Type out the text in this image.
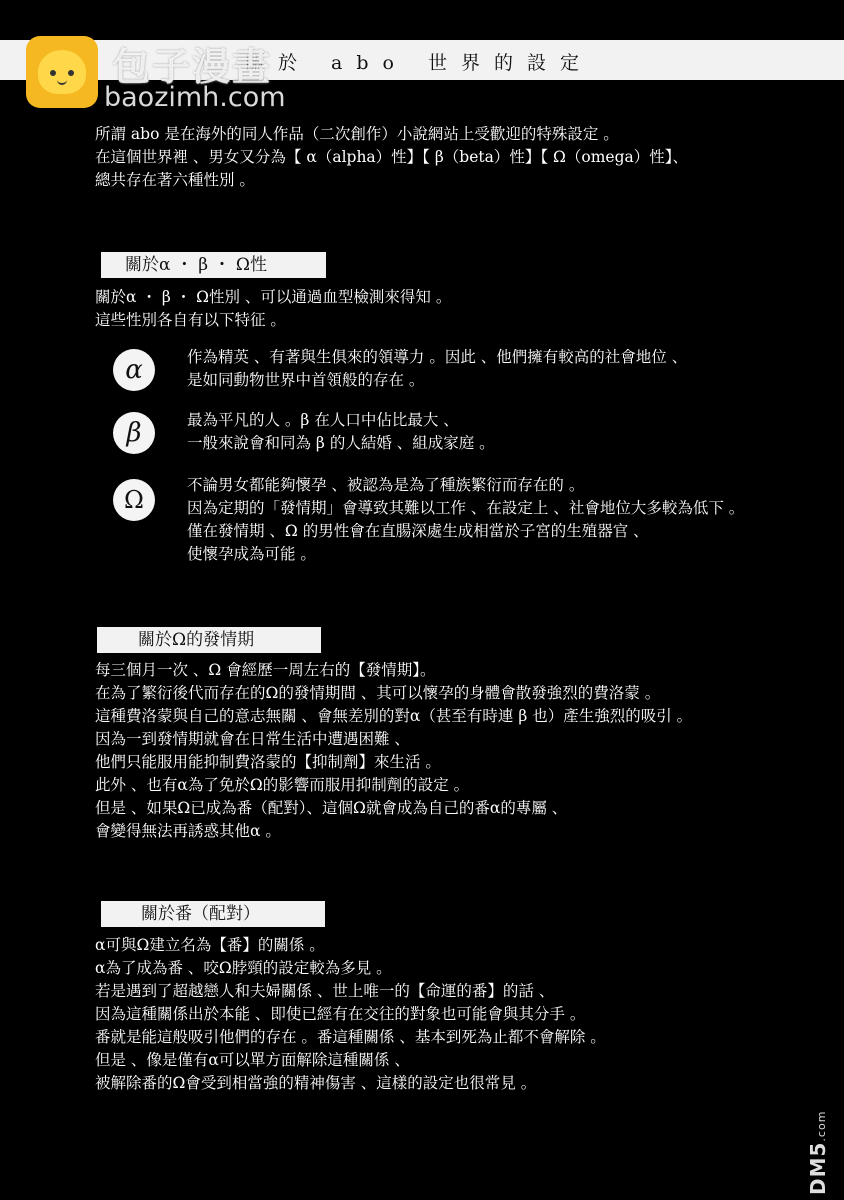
關於 abo 世界的設定
包子漫畫
baozimh.com
所謂 abo 是在海外的同人作品（二次創作）小說網站上受歡迎的特殊設定 。
在這個世界裡 、男女又分為【 α（alpha）性】【 β（beta）性】【 Ω（omega）性】、
總共存在著六種性別 。
關於α ・ β ・ Ω性
關於α ・ β ・ Ω性別 、可以通過血型檢測來得知 。
這些性別各自有以下特征 。
α	作為精英 、有著與生俱來的領導力 。因此 、他們擁有較高的社會地位 、
是如同動物世界中首領般的存在 。
β	最為平凡的人 。β 在人口中佔比最大 、
一般來說會和同為 β 的人結婚 、組成家庭 。
Ω
不論男女都能夠懷孕 、被認為是為了種族繁衍而存在的 。
因為定期的「發情期」會導致其難以工作 、在設定上 、社會地位大多較為低下 。
僅在發情期 、Ω 的男性會在直腸深處生成相當於子宮的生殖器官 、
使懷孕成為可能 。
關於Ω的發情期
每三個月一次 、Ω 會經歷一周左右的【發情期】。
在為了繁衍後代而存在的Ω的發情期間 、其可以懷孕的身體會散發強烈的費洛蒙 。
這種費洛蒙與自己的意志無關 、會無差別的對α（甚至有時連 β 也）產生強烈的吸引 。
因為一到發情期就會在日常生活中遭遇困難 、
他們只能服用能抑制費洛蒙的【抑制劑】來生活 。
此外 、也有α為了免於Ω的影響而服用抑制劑的設定 。
但是 、如果Ω已成為番（配對）、這個Ω就會成為自己的番α的專屬 、
會變得無法再誘惑其他α 。
關於番（配對）
α可與Ω建立名為【番】的關係 。
α為了成為番 、咬Ω脖頸的設定較為多見 。
若是遇到了超越戀人和夫婦關係 、世上唯一的【命運的番】的話 、
因為這種關係出於本能 、即使已經有在交往的對象也可能會與其分手 。
番就是能這般吸引他們的存在 。番這種關係 、基本到死為止都不會解除 。
但是 、像是僅有α可以單方面解除這種關係 、
被解除番的Ω會受到相當強的精神傷害 、這樣的設定也很常見 。
DM5.com
